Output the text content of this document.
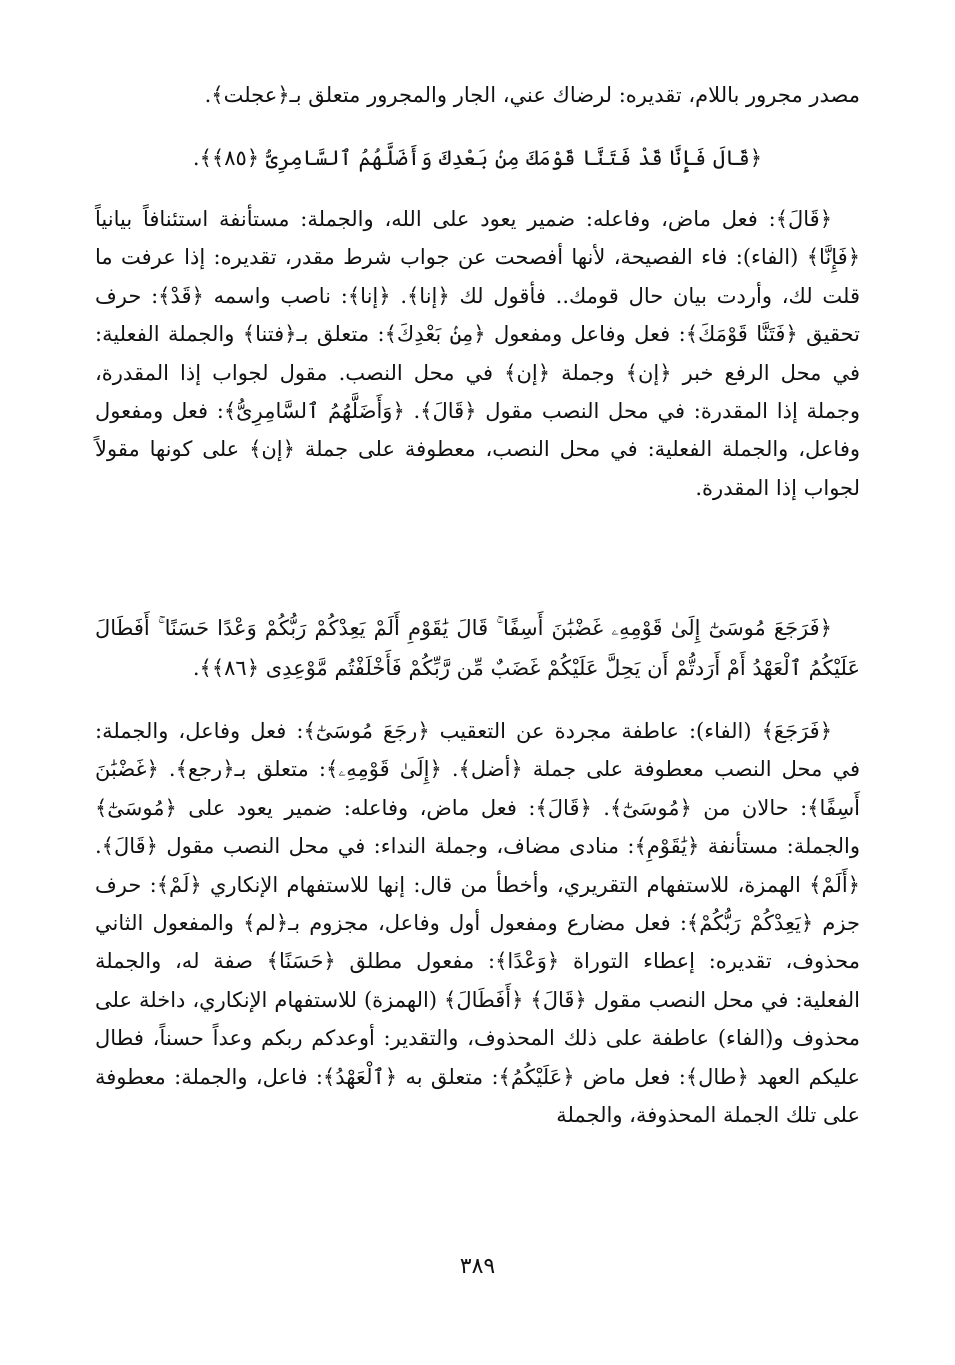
مصدر مجرور باللام، تقديره: لرضاك عني، الجار والمجرور متعلق بـ﴿عجلت﴾.

﴿قَالَ فَإِنَّا قَدْ فَتَنَّا قَوْمَكَ مِنۢ بَعْدِكَ وَأَضَلَّهُمُ ٱلسَّامِرِىُّ ﴿٨٥﴾﴾.

﴿قَالَ﴾: فعل ماض، وفاعله: ضمير يعود على الله، والجملة: مستأنفة استئنافاً بيانياً ﴿فَإِنَّا﴾ (الفاء): فاء الفصيحة، لأنها أفصحت عن جواب شرط مقدر، تقديره: إذا عرفت ما قلت لك، وأردت بيان حال قومك.. فأقول لك ﴿إنا﴾. ﴿إنا﴾: ناصب واسمه ﴿قَدْ﴾: حرف تحقيق ﴿فَتَنَّا قَوْمَكَ﴾: فعل وفاعل ومفعول ﴿مِنۢ بَعْدِكَ﴾: متعلق بـ﴿فتنا﴾ والجملة الفعلية: في محل الرفع خبر ﴿إن﴾ وجملة ﴿إن﴾ في محل النصب. مقول لجواب إذا المقدرة، وجملة إذا المقدرة: في محل النصب مقول ﴿قَالَ﴾. ﴿وَأَضَلَّهُمُ ٱلسَّامِرِىُّ﴾: فعل ومفعول وفاعل، والجملة الفعلية: في محل النصب، معطوفة على جملة ﴿إن﴾ على كونها مقولاً لجواب إذا المقدرة.

﴿فَرَجَعَ مُوسَىٰٓ إِلَىٰ قَوْمِهِۦ غَضْبَٰنَ أَسِفًا ۚ قَالَ يَٰقَوْمِ أَلَمْ يَعِدْكُمْ رَبُّكُمْ وَعْدًا حَسَنًا ۚ أَفَطَالَ عَلَيْكُمُ ٱلْعَهْدُ أَمْ أَرَدتُّمْ أَن يَحِلَّ عَلَيْكُمْ غَضَبٌ مِّن رَّبِّكُمْ فَأَخْلَفْتُم مَّوْعِدِى ﴿٨٦﴾﴾.

﴿فَرَجَعَ﴾ (الفاء): عاطفة مجردة عن التعقيب ﴿رجَعَ مُوسَىٰٓ﴾: فعل وفاعل، والجملة: في محل النصب معطوفة على جملة ﴿أضل﴾. ﴿إِلَىٰ قَوْمِهِۦ﴾: متعلق بـ﴿رجع﴾. ﴿غَضْبَٰنَ أَسِفًا﴾: حالان من ﴿مُوسَىٰٓ﴾. ﴿قَالَ﴾: فعل ماض، وفاعله: ضمير يعود على ﴿مُوسَىٰٓ﴾ والجملة: مستأنفة ﴿يَٰقَوْمِ﴾: منادى مضاف، وجملة النداء: في محل النصب مقول ﴿قَالَ﴾. ﴿أَلَمْ﴾ الهمزة، للاستفهام التقريري، وأخطأ من قال: إنها للاستفهام الإنكاري ﴿لَمْ﴾: حرف جزم ﴿يَعِدْكُمْ رَبُّكُمْ﴾: فعل مضارع ومفعول أول وفاعل، مجزوم بـ﴿لم﴾ والمفعول الثاني محذوف، تقديره: إعطاء التوراة ﴿وَعْدًا﴾: مفعول مطلق ﴿حَسَنًا﴾ صفة له، والجملة الفعلية: في محل النصب مقول ﴿قَالَ﴾ ﴿أَفَطَالَ﴾ (الهمزة) للاستفهام الإنكاري، داخلة على محذوف و(الفاء) عاطفة على ذلك المحذوف، والتقدير: أوعدكم ربكم وعداً حسناً، فطال عليكم العهد ﴿طال﴾: فعل ماض ﴿عَلَيْكُمُ﴾: متعلق به ﴿ٱلْعَهْدُ﴾: فاعل، والجملة: معطوفة على تلك الجملة المحذوفة، والجملة

٣٨٩
